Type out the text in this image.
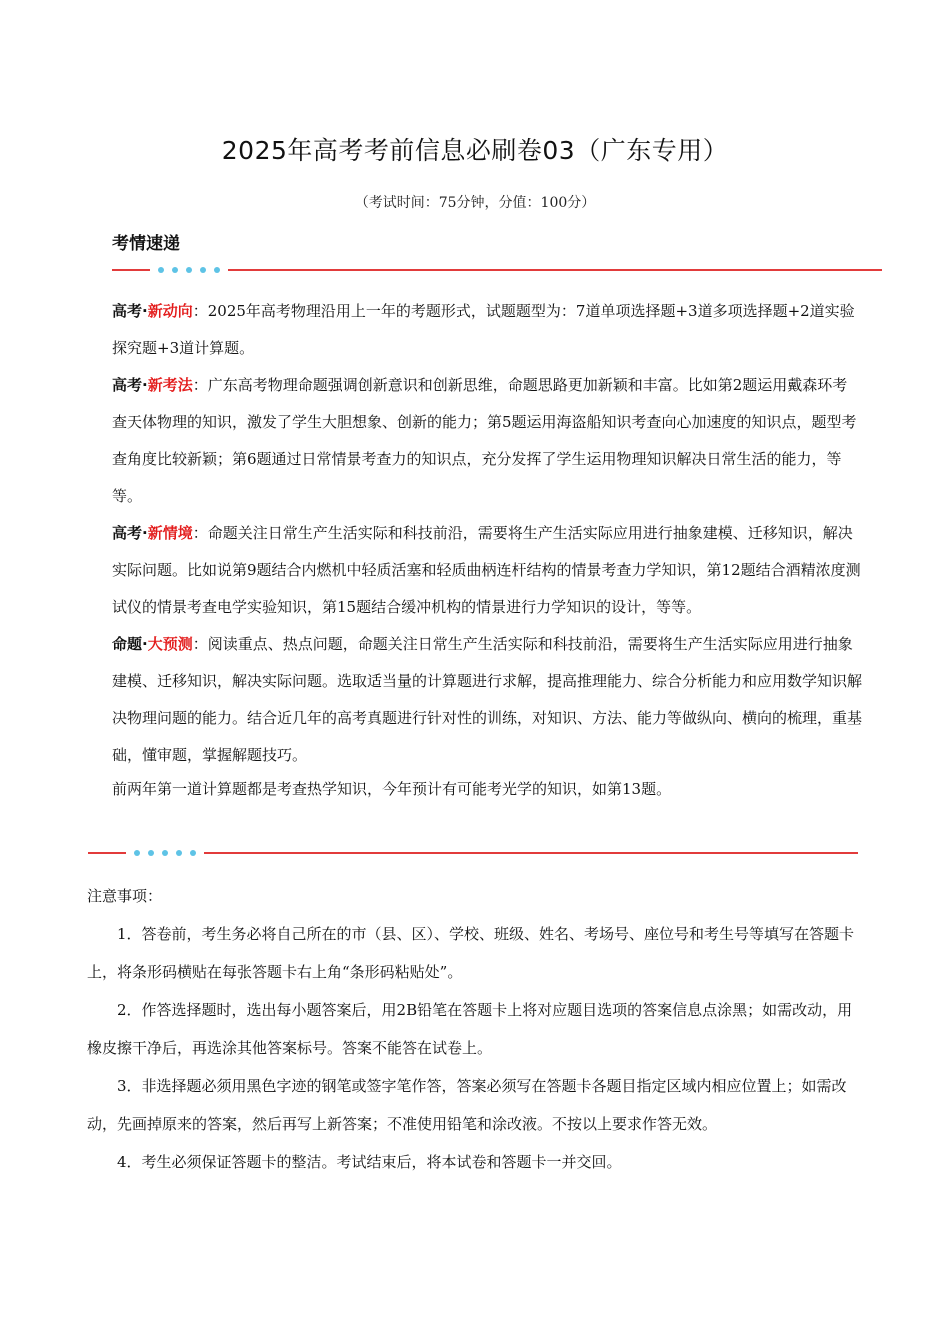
2025年高考考前信息必刷卷03（广东专用）
（考试时间：75分钟，分值：100分）
考情速递

高考·新动向：2025年高考物理沿用上一年的考题形式，试题题型为：7道单项选择题+3道多项选择题+2道实验探究题+3道计算题。

高考·新考法：广东高考物理命题强调创新意识和创新思维，命题思路更加新颖和丰富。比如第2题运用戴森环考查天体物理的知识，激发了学生大胆想象、创新的能力；第5题运用海盗船知识考查向心加速度的知识点，题型考查角度比较新颖；第6题通过日常情景考查力的知识点，充分发挥了学生运用物理知识解决日常生活的能力，等等。

高考·新情境：命题关注日常生产生活实际和科技前沿，需要将生产生活实际应用进行抽象建模、迁移知识，解决实际问题。比如说第9题结合内燃机中轻质活塞和轻质曲柄连杆结构的情景考查力学知识，第12题结合酒精浓度测试仪的情景考查电学实验知识，第15题结合缓冲机构的情景进行力学知识的设计，等等。

命题·大预测：阅读重点、热点问题，命题关注日常生产生活实际和科技前沿，需要将生产生活实际应用进行抽象建模、迁移知识，解决实际问题。选取适当量的计算题进行求解，提高推理能力、综合分析能力和应用数学知识解决物理问题的能力。结合近几年的高考真题进行针对性的训练，对知识、方法、能力等做纵向、横向的梳理，重基础，懂审题，掌握解题技巧。

前两年第一道计算题都是考查热学知识，今年预计有可能考光学的知识，如第13题。

注意事项：

1．答卷前，考生务必将自己所在的市（县、区）、学校、班级、姓名、考场号、座位号和考生号等填写在答题卡上，将条形码横贴在每张答题卡右上角“条形码粘贴处”。

2．作答选择题时，选出每小题答案后，用2B铅笔在答题卡上将对应题目选项的答案信息点涂黑；如需改动，用橡皮擦干净后，再选涂其他答案标号。答案不能答在试卷上。

3．非选择题必须用黑色字迹的钢笔或签字笔作答，答案必须写在答题卡各题目指定区域内相应位置上；如需改动，先画掉原来的答案，然后再写上新答案；不准使用铅笔和涂改液。不按以上要求作答无效。

4．考生必须保证答题卡的整洁。考试结束后，将本试卷和答题卡一并交回。
